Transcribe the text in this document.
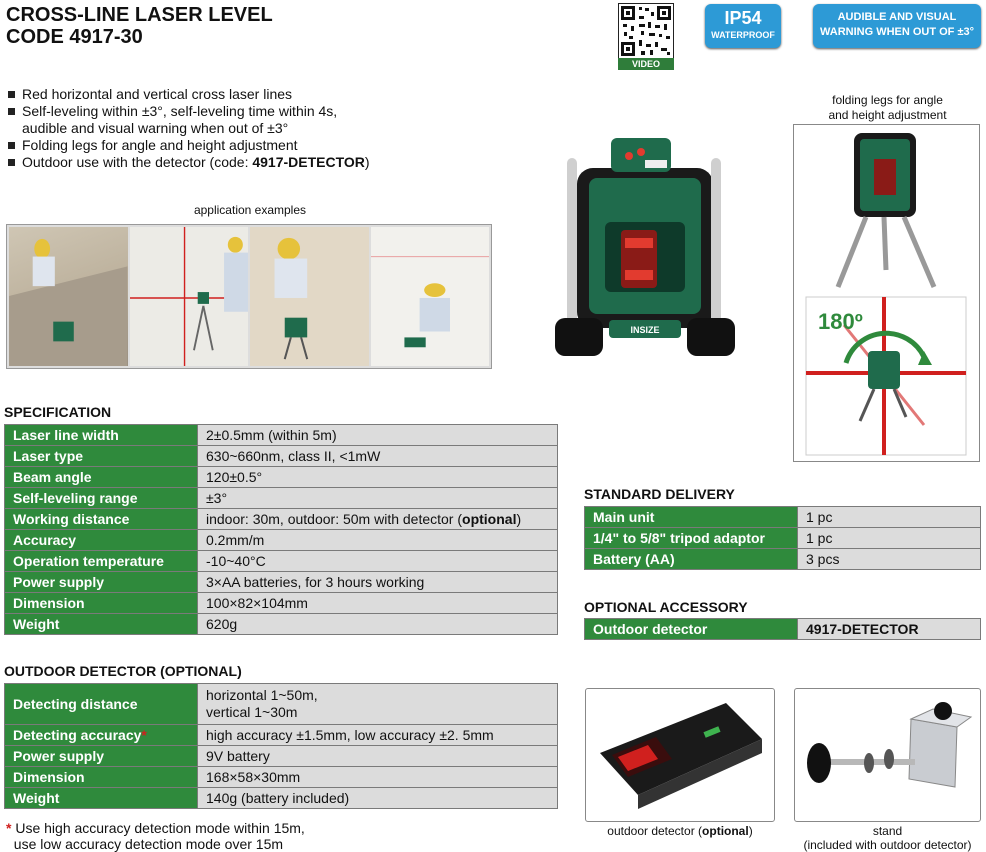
CROSS-LINE LASER LEVEL
CODE 4917-30
VIDEO
IP54
WATERPROOF
AUDIBLE AND VISUAL
WARNING WHEN OUT OF ±3°
Red horizontal and vertical cross laser lines
Self-leveling within ±3°, self-leveling time within 4s,
audible and visual warning when out of ±3°
Folding legs for angle and height adjustment
Outdoor use with the detector (code: 4917-DETECTOR)
application examples
INSIZE
folding legs for angle
and height adjustment
180º
SPECIFICATION
Laser line width	2±0.5mm (within 5m)
Laser type	630~660nm, class II, <1mW
Beam angle	120±0.5°
Self-leveling range	±3°
Working distance	indoor: 30m, outdoor: 50m with detector (optional)
Accuracy	0.2mm/m
Operation temperature	-10~40°C
Power supply	3×AA batteries, for 3 hours working
Dimension	100×82×104mm
Weight	620g
OUTDOOR DETECTOR (OPTIONAL)
Detecting distance	horizontal 1~50m,
vertical 1~30m
Detecting accuracy*	high accuracy ±1.5mm, low accuracy ±2. 5mm
Power supply	9V battery
Dimension	168×58×30mm
Weight	140g (battery included)
* Use high accuracy detection mode within 15m,
use low accuracy detection mode over 15m
STANDARD DELIVERY
Main unit	1 pc
1/4" to 5/8" tripod adaptor	1 pc
Battery (AA)	3 pcs
OPTIONAL ACCESSORY
Outdoor detector	4917-DETECTOR
outdoor detector (optional)	stand
(included with outdoor detector)
